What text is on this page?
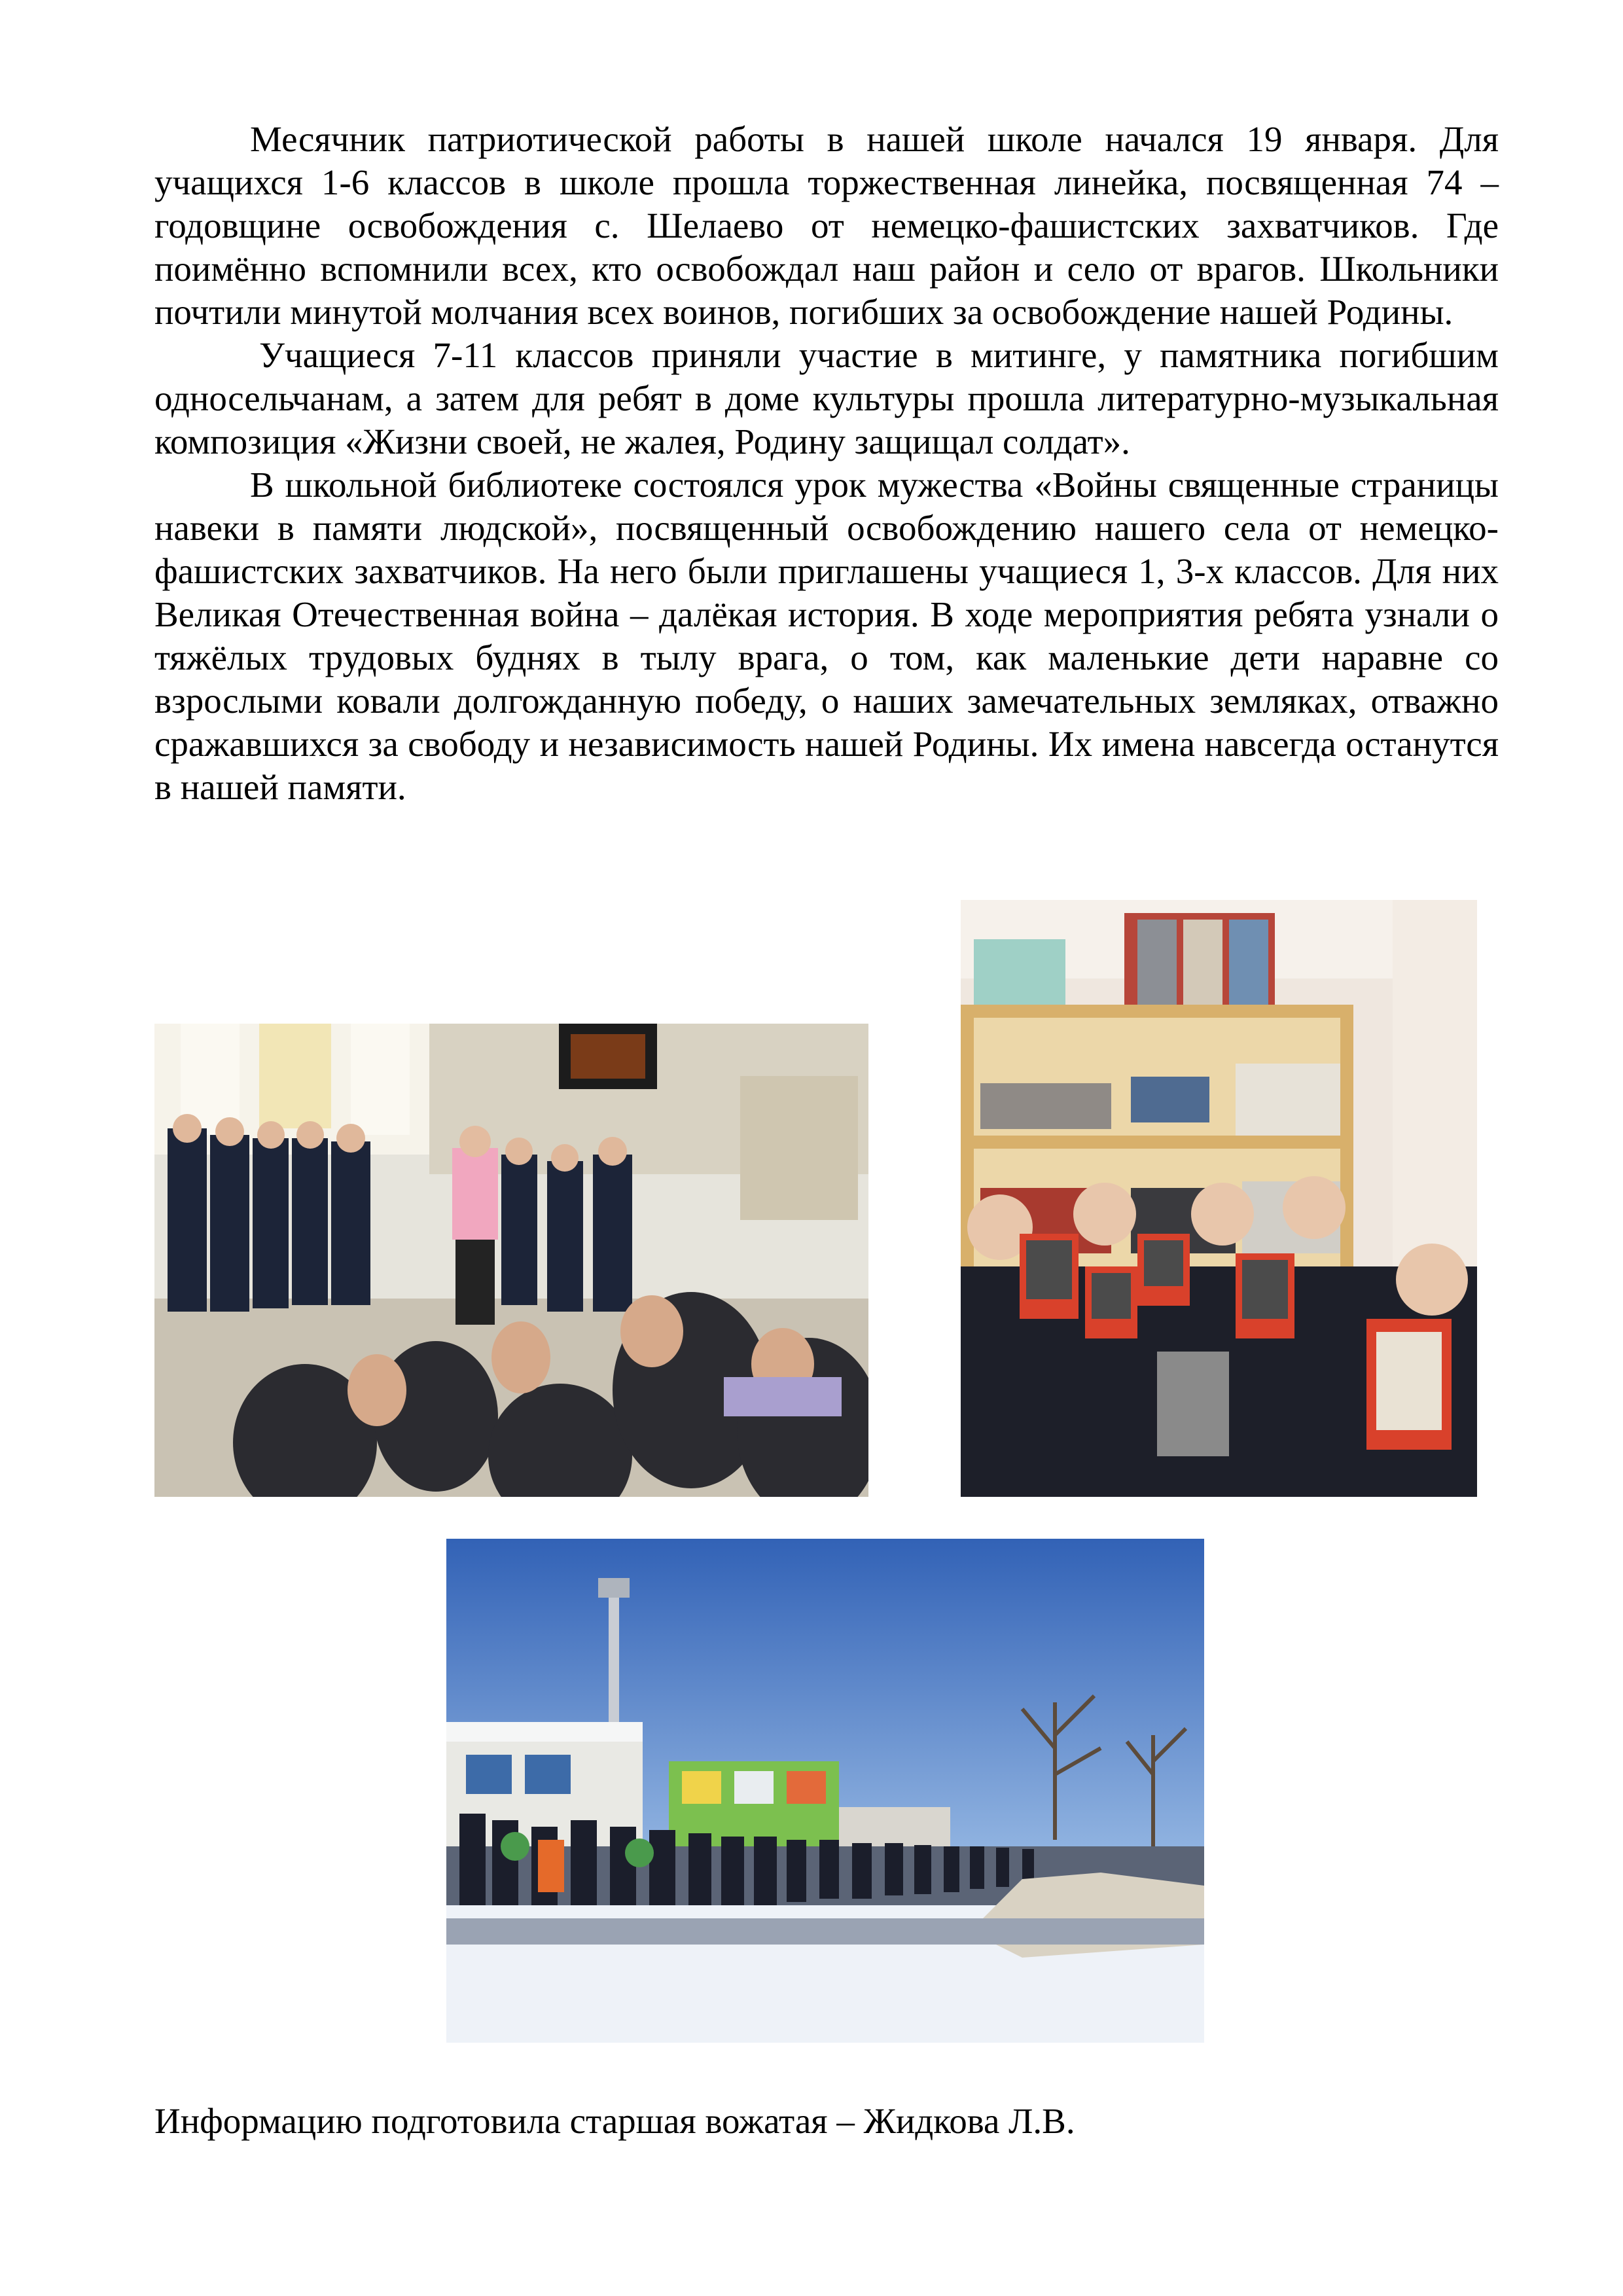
Месячник патриотической работы в нашей школе начался 19 января. Для учащихся 1-6 классов в школе прошла торжественная линейка, посвященная 74 – годовщине освобождения с. Шелаево от немецко-фашистских захватчиков. Где поимённо вспомнили всех, кто освобождал наш район и село от врагов. Школьники почтили минутой молчания всех воинов, погибших за освобождение нашей Родины.

Учащиеся 7-11 классов приняли участие в митинге, у памятника погибшим односельчанам, а затем для ребят в доме культуры прошла литературно-музыкальная композиция «Жизни своей, не жалея, Родину защищал солдат».

В школьной библиотеке состоялся урок мужества «Войны священные страницы навеки в памяти людской», посвященный освобождению нашего села от немецко-фашистских захватчиков. На него были приглашены учащиеся 1, 3-х классов. Для них Великая Отечественная война – далёкая история. В ходе мероприятия ребята узнали о тяжёлых трудовых буднях в тылу врага, о том, как маленькие дети наравне со взрослыми ковали долгожданную победу, о наших замечательных земляках, отважно сражавшихся за свободу и независимость нашей Родины. Их имена навсегда останутся в нашей памяти.

Информацию подготовила старшая вожатая – Жидкова Л.В.
